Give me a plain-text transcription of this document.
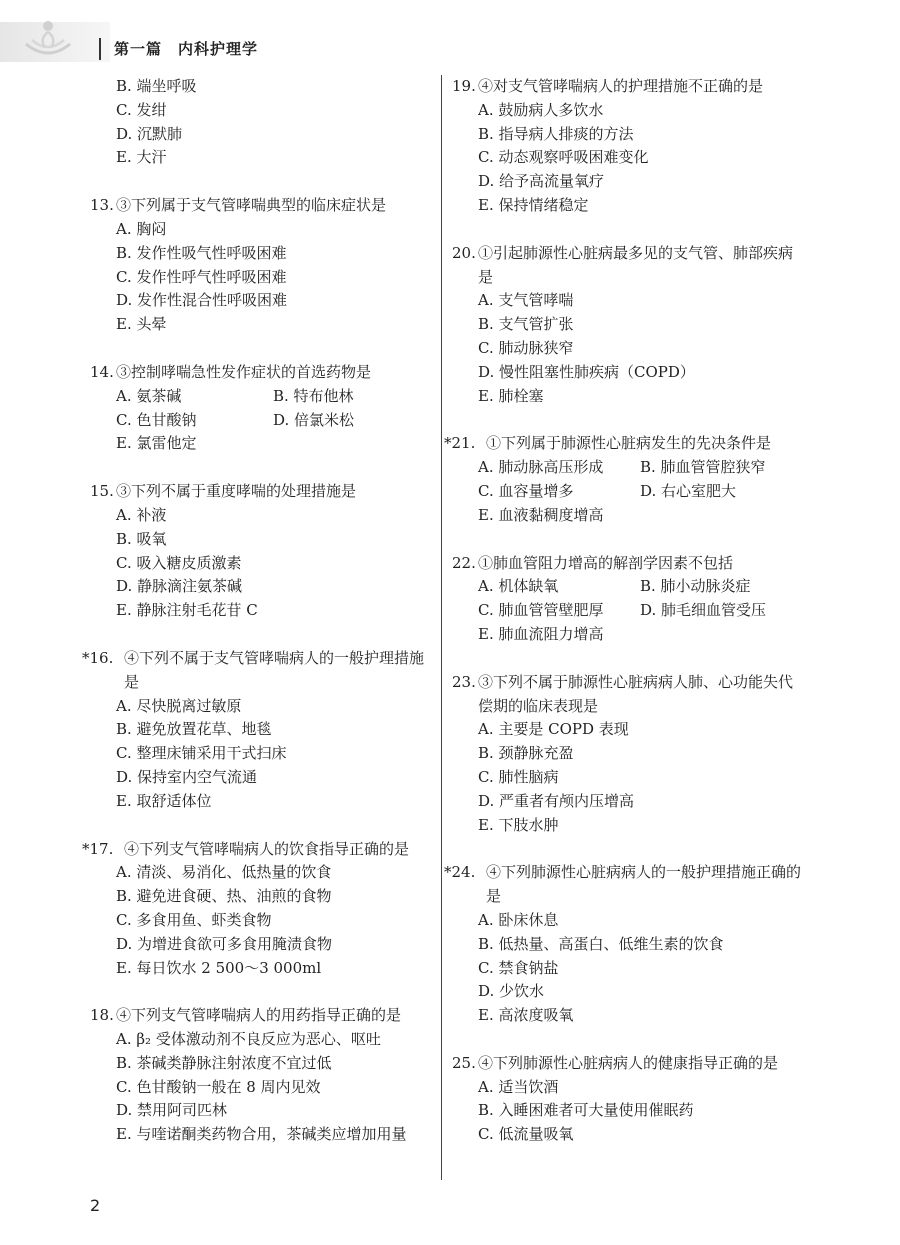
第一篇　内科护理学
B. 端坐呼吸
C. 发绀
D. 沉默肺
E. 大汗
13. ③下列属于支气管哮喘典型的临床症状是
A. 胸闷
B. 发作性吸气性呼吸困难
C. 发作性呼气性呼吸困难
D. 发作性混合性呼吸困难
E. 头晕
14. ③控制哮喘急性发作症状的首选药物是
A. 氨茶碱	B. 特布他林
C. 色甘酸钠	D. 倍氯米松
E. 氯雷他定
15. ③下列不属于重度哮喘的处理措施是
A. 补液
B. 吸氧
C. 吸入糖皮质激素
D. 静脉滴注氨茶碱
E. 静脉注射毛花苷 C
*16. ④下列不属于支气管哮喘病人的一般护理措施是
A. 尽快脱离过敏原
B. 避免放置花草、地毯
C. 整理床铺采用干式扫床
D. 保持室内空气流通
E. 取舒适体位
*17. ④下列支气管哮喘病人的饮食指导正确的是
A. 清淡、易消化、低热量的饮食
B. 避免进食硬、热、油煎的食物
C. 多食用鱼、虾类食物
D. 为增进食欲可多食用腌渍食物
E. 每日饮水 2 500～3 000ml
18. ④下列支气管哮喘病人的用药指导正确的是
A. β₂ 受体激动剂不良反应为恶心、呕吐
B. 茶碱类静脉注射浓度不宜过低
C. 色甘酸钠一般在 8 周内见效
D. 禁用阿司匹林
E. 与喹诺酮类药物合用，茶碱类应增加用量
19. ④对支气管哮喘病人的护理措施不正确的是
A. 鼓励病人多饮水
B. 指导病人排痰的方法
C. 动态观察呼吸困难变化
D. 给予高流量氧疗
E. 保持情绪稳定
20. ①引起肺源性心脏病最多见的支气管、肺部疾病是
A. 支气管哮喘
B. 支气管扩张
C. 肺动脉狭窄
D. 慢性阻塞性肺疾病（COPD）
E. 肺栓塞
*21. ①下列属于肺源性心脏病发生的先决条件是
A. 肺动脉高压形成	B. 肺血管管腔狭窄
C. 血容量增多	D. 右心室肥大
E. 血液黏稠度增高
22. ①肺血管阻力增高的解剖学因素不包括
A. 机体缺氧	B. 肺小动脉炎症
C. 肺血管管壁肥厚	D. 肺毛细血管受压
E. 肺血流阻力增高
23. ③下列不属于肺源性心脏病病人肺、心功能失代偿期的临床表现是
A. 主要是 COPD 表现
B. 颈静脉充盈
C. 肺性脑病
D. 严重者有颅内压增高
E. 下肢水肿
*24. ④下列肺源性心脏病病人的一般护理措施正确的是
A. 卧床休息
B. 低热量、高蛋白、低维生素的饮食
C. 禁食钠盐
D. 少饮水
E. 高浓度吸氧
25. ④下列肺源性心脏病病人的健康指导正确的是
A. 适当饮酒
B. 入睡困难者可大量使用催眠药
C. 低流量吸氧
2
